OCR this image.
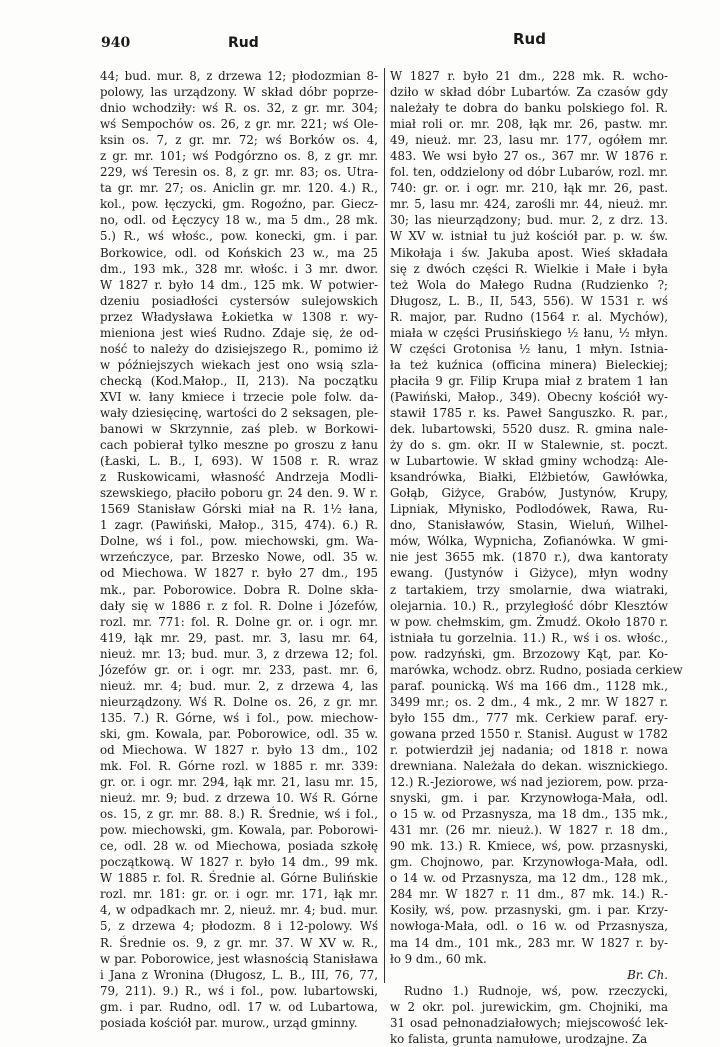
940	Rud	Rud
44; bud. mur. 8, z drzewa 12; płodozmian 8-
polowy, las urządzony. W skład dóbr poprze-
dnio wchodziły: wś R. os. 32, z gr. mr. 304;
wś Sempochów os. 26, z gr. mr. 221; wś Ole-
ksin os. 7, z gr. mr. 72; wś Borków os. 4,
z gr. mr. 101; wś Podgórzno os. 8, z gr. mr.
229, wś Teresin os. 8, z gr. mr. 83; os. Utra-
ta gr. mr. 27; os. Aniclin gr. mr. 120. 4.) R.,
kol., pow. łęczycki, gm. Rogoźno, par. Giecz-
no, odl. od Łęczycy 18 w., ma 5 dm., 28 mk.
5.) R., wś włośc., pow. konecki, gm. i par.
Borkowice, odl. od Końskich 23 w., ma 25
dm., 193 mk., 328 mr. włośc. i 3 mr. dwor.
W 1827 r. było 14 dm., 125 mk. W potwier-
dzeniu posiadłości cystersów sulejowskich
przez Władysława Łokietka w 1308 r. wy-
mieniona jest wieś Rudno. Zdaje się, że od-
ność to należy do dzisiejszego R., pomimo iż
w późniejszych wiekach jest ono wsią szla-
checką (Kod.Małop., II, 213). Na początku
XVI w. łany kmiece i trzecie pole folw. da-
wały dziesięcinę, wartości do 2 seksagen, ple-
banowi w Skrzynnie, zaś pleb. w Borkowi-
cach pobierał tylko meszne po groszu z łanu
(Łaski, L. B., I, 693). W 1508 r. R. wraz
z Ruskowicami, własność Andrzeja Modli-
szewskiego, płaciło poboru gr. 24 den. 9. W r.
1569 Stanisław Górski miał na R. 1½ łana,
1 zagr. (Pawiński, Małop., 315, 474). 6.) R.
Dolne, wś i fol., pow. miechowski, gm. Wa-
wrzeńczyce, par. Brzesko Nowe, odl. 35 w.
od Miechowa. W 1827 r. było 27 dm., 195
mk., par. Poborowice. Dobra R. Dolne skła-
dały się w 1886 r. z fol. R. Dolne i Józefów,
rozl. mr. 771: fol. R. Dolne gr. or. i ogr. mr.
419, łąk mr. 29, past. mr. 3, lasu mr. 64,
nieuż. mr. 13; bud. mur. 3, z drzewa 12; fol.
Józefów gr. or. i ogr. mr. 233, past. mr. 6,
nieuż. mr. 4; bud. mur. 2, z drzewa 4, las
nieurządzony. Wś R. Dolne os. 26, z gr. mr.
135. 7.) R. Górne, wś i fol., pow. miechow-
ski, gm. Kowala, par. Poborowice, odl. 35 w.
od Miechowa. W 1827 r. było 13 dm., 102
mk. Fol. R. Górne rozl. w 1885 r. mr. 339:
gr. or. i ogr. mr. 294, łąk mr. 21, lasu mr. 15,
nieuż. mr. 9; bud. z drzewa 10. Wś R. Górne
os. 15, z gr. mr. 88. 8.) R. Średnie, wś i fol.,
pow. miechowski, gm. Kowala, par. Poborowi-
ce, odl. 28 w. od Miechowa, posiada szkołę
początkową. W 1827 r. było 14 dm., 99 mk.
W 1885 r. fol. R. Średnie al. Górne Bulińskie
rozl. mr. 181: gr. or. i ogr. mr. 171, łąk mr.
4, w odpadkach mr. 2, nieuż. mr. 4; bud. mur.
5, z drzewa 4; płodozm. 8 i 12-polowy. Wś
R. Średnie os. 9, z gr. mr. 37. W XV w. R.,
w par. Poborowice, jest własnością Stanisława
i Jana z Wronina (Długosz, L. B., III, 76, 77,
79, 211). 9.) R., wś i fol., pow. lubartowski,
gm. i par. Rudno, odl. 17 w. od Lubartowa,
posiada kościół par. murow., urząd gminny.
W 1827 r. było 21 dm., 228 mk. R. wcho-
dziło w skład dóbr Lubartów. Za czasów gdy
należały te dobra do banku polskiego fol. R.
miał roli or. mr. 208, łąk mr. 26, pastw. mr.
49, nieuż. mr. 23, lasu mr. 177, ogółem mr.
483. We wsi było 27 os., 367 mr. W 1876 r.
fol. ten, oddzielony od dóbr Lubarów, rozl. mr.
740: gr. or. i ogr. mr. 210, łąk mr. 26, past.
mr. 5, lasu mr. 424, zarośli mr. 44, nieuż. mr.
30; las nieurządzony; bud. mur. 2, z drz. 13.
W XV w. istniał tu już kościół par. p. w. św.
Mikołaja i św. Jakuba apost. Wieś składała
się z dwóch części R. Wielkie i Małe i była
też Wola do Małego Rudna (Rudzienko ?;
Długosz, L. B., II, 543, 556). W 1531 r. wś
R. major, par. Rudno (1564 r. al. Mychów),
miała w części Prusińskiego ½ łanu, ½ młyn.
W części Grotonisa ½ łanu, 1 młyn. Istnia-
ła też kuźnica (officina minera) Bieleckiej;
płaciła 9 gr. Filip Krupa miał z bratem 1 łan
(Pawiński, Małop., 349). Obecny kościół wy-
stawił 1785 r. ks. Paweł Sanguszko. R. par.,
dek. lubartowski, 5520 dusz. R. gmina nale-
ży do s. gm. okr. II w Stalewnie, st. poczt.
w Lubartowie. W skład gminy wchodzą: Ale-
ksandrówka, Białki, Elżbietów, Gawłówka,
Gołąb, Giżyce, Grabów, Justynów, Krupy,
Lipniak, Młynisko, Podlodówek, Rawa, Ru-
dno, Stanisławów, Stasin, Wieluń, Wilhel-
mów, Wólka, Wypnicha, Zofianówka. W gmi-
nie jest 3655 mk. (1870 r.), dwa kantoraty
ewang. (Justynów i Giżyce), młyn wodny
z tartakiem, trzy smolarnie, dwa wiatraki,
olejarnia. 10.) R., przyległość dóbr Klesztów
w pow. chełmskim, gm. Żmudź. Około 1870 r.
istniała tu gorzelnia. 11.) R., wś i os. włośc.,
pow. radzyński, gm. Brzozowy Kąt, par. Ko-
marówka, wchodz. obrz. Rudno, posiada cerkiew
paraf. pounicką. Wś ma 166 dm., 1128 mk.,
3499 mr.; os. 2 dm., 4 mk., 2 mr. W 1827 r.
było 155 dm., 777 mk. Cerkiew paraf. ery-
gowana przed 1550 r. Stanisł. August w 1782
r. potwierdził jej nadania; od 1818 r. nowa
drewniana. Należała do dekan. wisznickiego.
12.) R.-Jeziorowe, wś nad jeziorem, pow. prza-
snyski, gm. i par. Krzynowłoga-Mała, odl.
o 15 w. od Przasnysza, ma 18 dm., 135 mk.,
431 mr. (26 mr. nieuż.). W 1827 r. 18 dm.,
90 mk. 13.) R. Kmiece, wś, pow. przasnyski,
gm. Chojnowo, par. Krzynowłoga-Mała, odl.
o 14 w. od Przasnysza, ma 12 dm., 128 mk.,
284 mr. W 1827 r. 11 dm., 87 mk. 14.) R.-
Kosiły, wś, pow. przasnyski, gm. i par. Krzy-
nowłoga-Mała, odl. o 16 w. od Przasnysza,
ma 14 dm., 101 mk., 283 mr. W 1827 r. by-
ło 9 dm., 60 mk.
Br. Ch.
Rudno 1.) Rudnoje, wś, pow. rzeczycki,
w 2 okr. pol. jurewickim, gm. Chojniki, ma
31 osad pełnonadziałowych; miejscowość lek-
ko falista, grunta namułowe, urodzajne. Za
